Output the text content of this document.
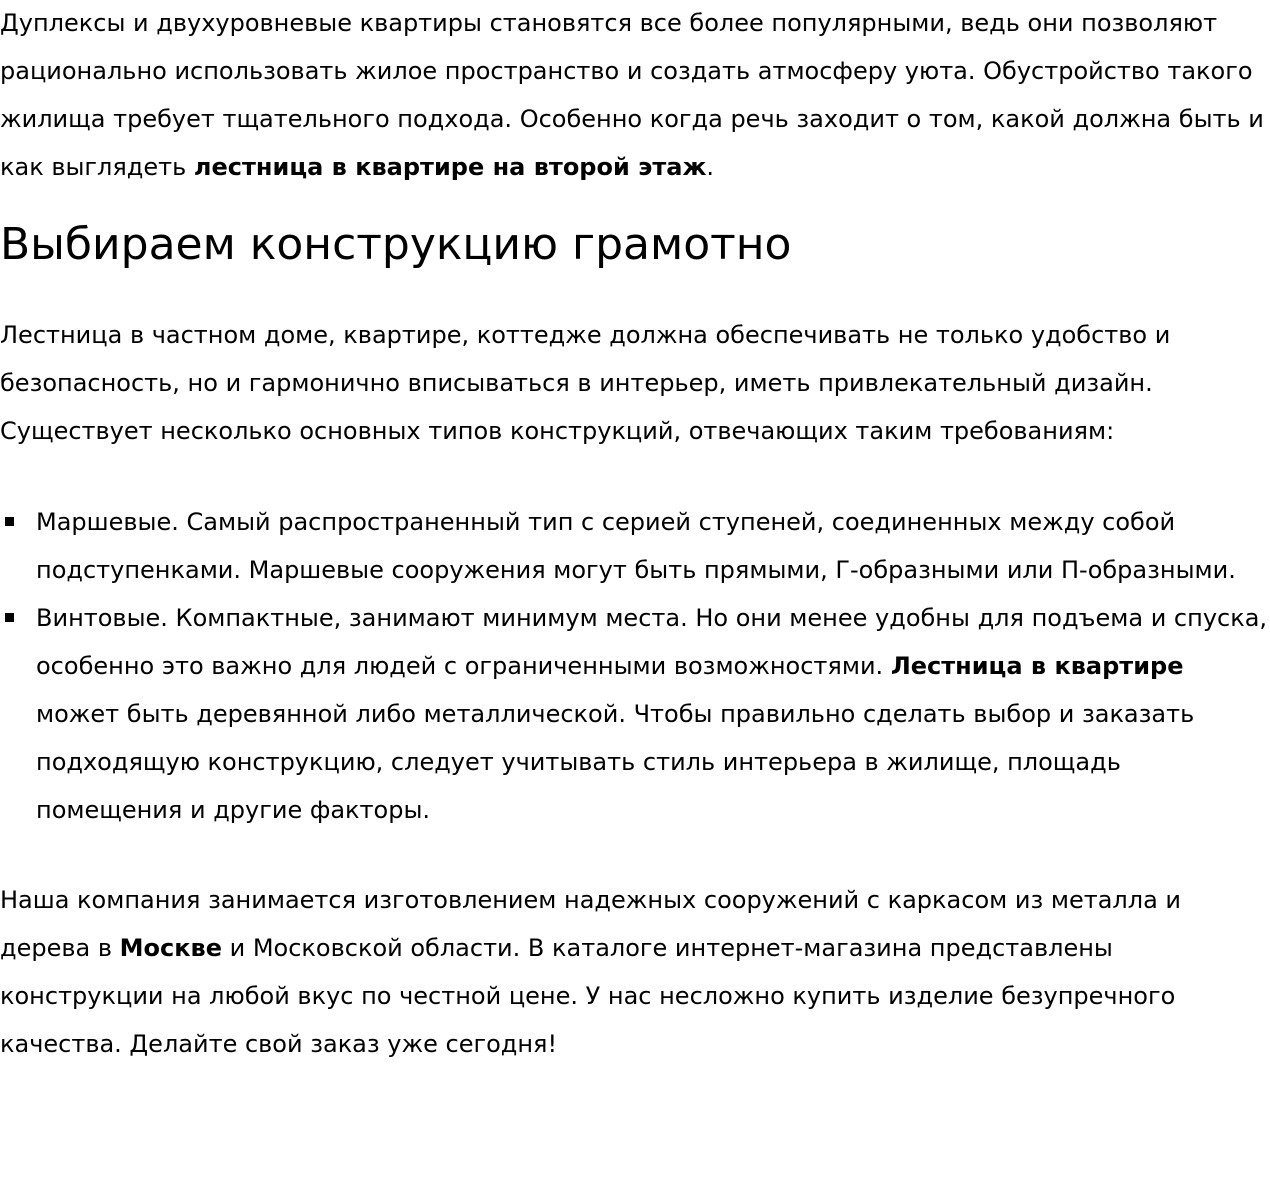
Дуплексы и двухуровневые квартиры становятся все более популярными, ведь они позволяют рационально использовать жилое пространство и создать атмосферу уюта. Обустройство такого жилища требует тщательного подхода. Особенно когда речь заходит о том, какой должна быть и как выглядеть лестница в квартире на второй этаж.

Выбираем конструкцию грамотно

Лестница в частном доме, квартире, коттедже должна обеспечивать не только удобство и безопасность, но и гармонично вписываться в интерьер, иметь привлекательный дизайн. Существует несколько основных типов конструкций, отвечающих таким требованиям:

Маршевые. Самый распространенный тип с серией ступеней, соединенных между собой подступенками. Маршевые сооружения могут быть прямыми, Г-образными или П-образными.
Винтовые. Компактные, занимают минимум места. Но они менее удобны для подъема и спуска, особенно это важно для людей с ограниченными возможностями. Лестница в квартире может быть деревянной либо металлической. Чтобы правильно сделать выбор и заказать подходящую конструкцию, следует учитывать стиль интерьера в жилище, площадь помещения и другие факторы.

Наша компания занимается изготовлением надежных сооружений с каркасом из металла и дерева в Москве и Московской области. В каталоге интернет-магазина представлены конструкции на любой вкус по честной цене. У нас несложно купить изделие безупречного качества. Делайте свой заказ уже сегодня!
